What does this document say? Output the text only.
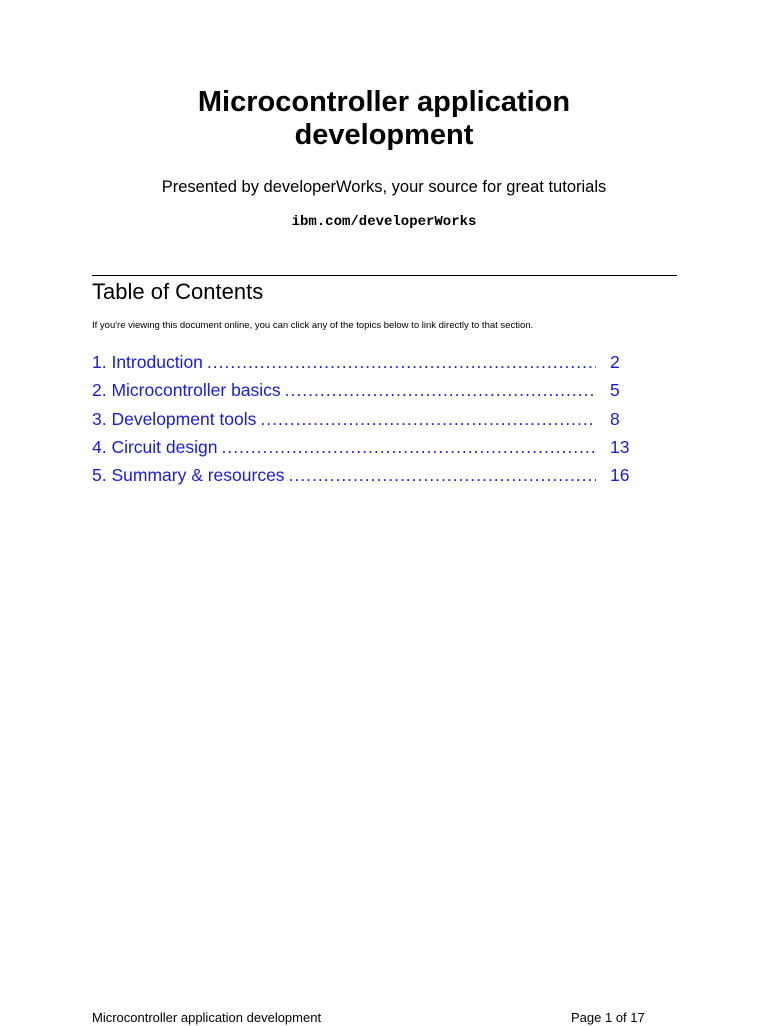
Microcontroller application
development
Presented by developerWorks, your source for great tutorials
ibm.com/developerWorks
Table of Contents
If you're viewing this document online, you can click any of the topics below to link directly to that section.
1. Introduction .....	2
2. Microcontroller basics .....	5
3. Development tools .....	8
4. Circuit design .....	13
5. Summary & resources .....	16
Microcontroller application development	Page 1 of 17
